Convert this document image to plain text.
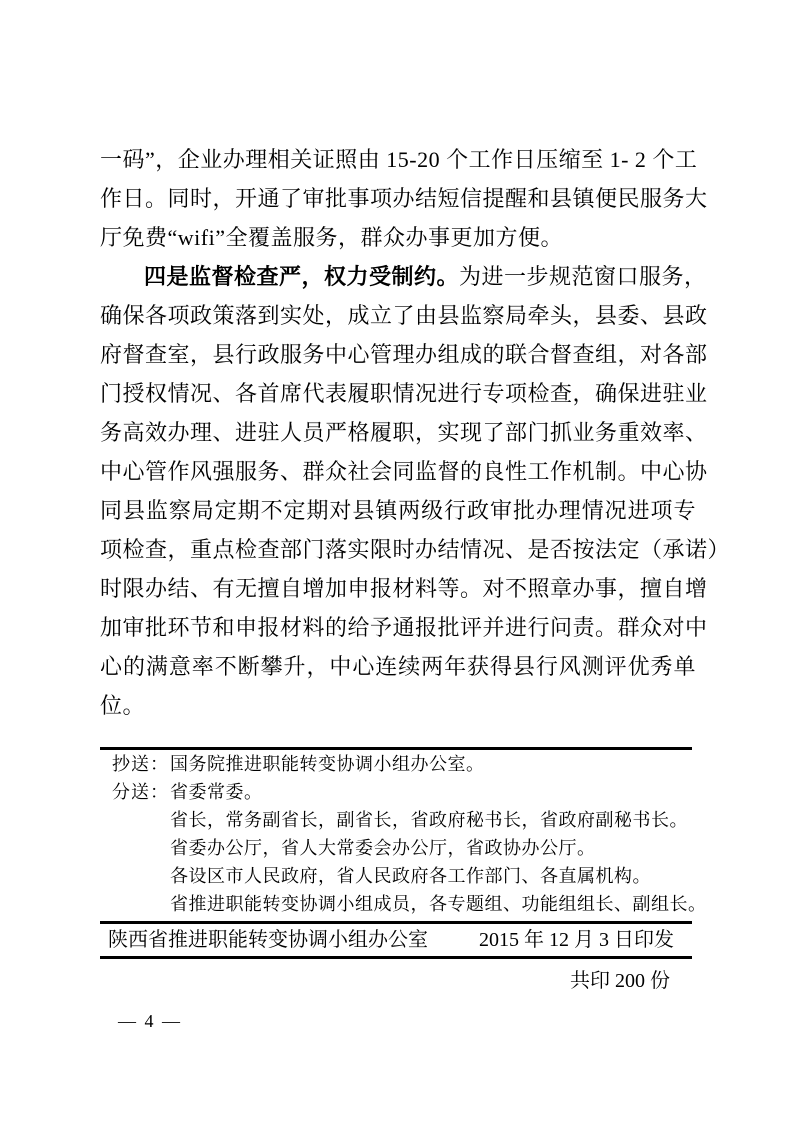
一码”，企业办理相关证照由 15-20 个工作日压缩至 1- 2 个工
作日。同时，开通了审批事项办结短信提醒和县镇便民服务大
厅免费“wifi”全覆盖服务，群众办事更加方便。
四是监督检查严，权力受制约。为进一步规范窗口服务，
确保各项政策落到实处，成立了由县监察局牵头，县委、县政
府督查室，县行政服务中心管理办组成的联合督查组，对各部
门授权情况、各首席代表履职情况进行专项检查，确保进驻业
务高效办理、进驻人员严格履职，实现了部门抓业务重效率、
中心管作风强服务、群众社会同监督的良性工作机制。中心协
同县监察局定期不定期对县镇两级行政审批办理情况进项专
项检查，重点检查部门落实限时办结情况、是否按法定（承诺）
时限办结、有无擅自增加申报材料等。对不照章办事，擅自增
加审批环节和申报材料的给予通报批评并进行问责。群众对中
心的满意率不断攀升，中心连续两年获得县行风测评优秀单
位。
抄送： 国务院推进职能转变协调小组办公室。
分送： 省委常委。
省长，常务副省长，副省长，省政府秘书长，省政府副秘书长。
省委办公厅，省人大常委会办公厅，省政协办公厅。
各设区市人民政府，省人民政府各工作部门、各直属机构。
省推进职能转变协调小组成员，各专题组、功能组组长、副组长。
陕西省推进职能转变协调小组办公室	2015 年 12 月 3 日印发
共印 200 份
— 4 —
